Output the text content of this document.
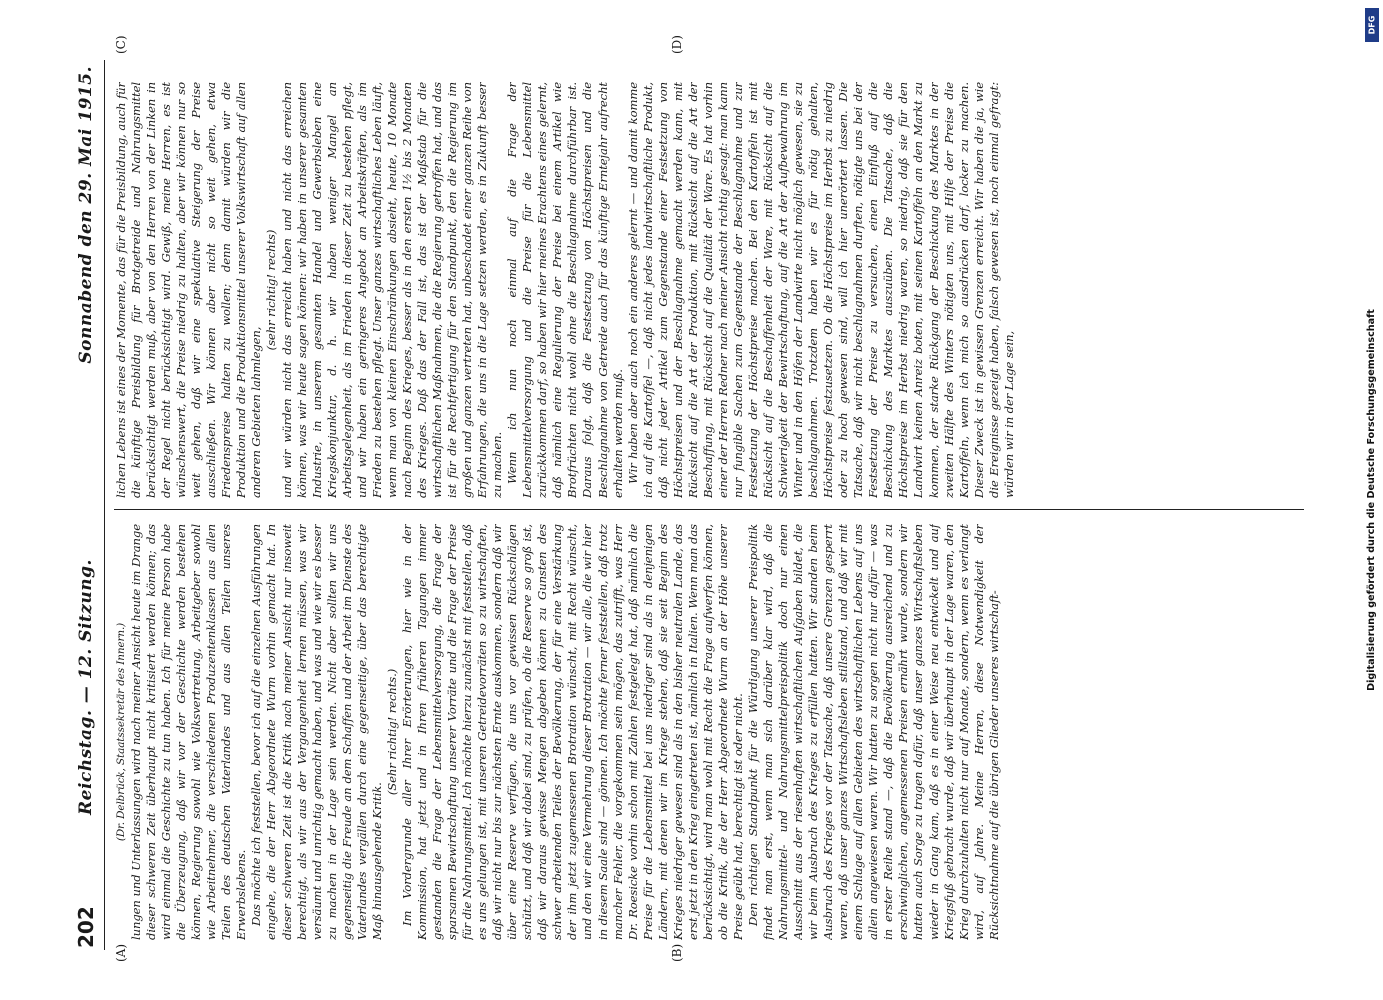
202
Reichstag. — 12. Sitzung.
Sonnabend den 29. Mai 1915.
(A)	(B)
(C)	(D)

(Dr. Delbrück, Staatssekretär des Innern.) lungen und Unterlassungen wird nach meiner Ansicht heute im Drange dieser schweren Zeit überhaupt nicht kritisiert werden können; das wird einmal die Geschichte zu tun haben. Ich für meine Person habe die Überzeugung, daß wir vor der Geschichte werden bestehen können, Regierung sowohl wie Volksvertretung, Arbeitgeber sowohl wie Arbeitnehmer, die verschiedenen Produzentenklassen aus allen Teilen des deutschen Vaterlandes und aus allen Teilen unseres Erwerbslebens. Das möchte ich feststellen, bevor ich auf die einzelnen Ausführungen eingehe, die der Herr Abgeordnete Wurm vorhin gemacht hat. In dieser schweren Zeit ist die Kritik nach meiner Ansicht nur insoweit berechtigt, als wir aus der Vergangenheit lernen müssen, was wir versäumt und unrichtig gemacht haben, und was und wie wir es besser zu machen in der Lage sein werden. Nicht aber sollten wir uns gegenseitig die Freude an dem Schaffen und der Arbeit im Dienste des Vaterlandes vergällen durch eine gegenseitige, über das berechtigte Maß hinausgehende Kritik.

(Sehr richtig! rechts.) Im Vordergrunde aller Ihrer Erörterungen, hier wie in der Kommission, hat jetzt und in Ihren früheren Tagungen immer gestanden die Frage der Lebensmittelversorgung, die Frage der sparsamen Bewirtschaftung unserer Vorräte und die Frage der Preise für die Nahrungsmittel. Ich möchte hierzu zunächst mit feststellen, daß es uns gelungen ist, mit unseren Getreidevorräten so zu wirtschaften, daß wir nicht nur bis zur nächsten Ernte auskommen, sondern daß wir über eine Reserve verfügen, die uns vor gewissen Rückschlägen schützt, und daß wir dabei sind, zu prüfen, ob die Reserve so groß ist, daß wir daraus gewisse Mengen abgeben können zu Gunsten des schwer arbeitenden Teiles der Bevölkerung, der für eine Verstärkung der ihm jetzt zugemessenen Brotration wünscht, mit Recht wünscht, und den wir eine Vermehrung dieser Brotration — wir alle, die wir hier in diesem Saale sind — gönnen. Ich möchte ferner feststellen, daß trotz mancher Fehler, die vorgekommen sein mögen, das zutrifft, was Herr Dr. Roesicke vorhin schon mit Zahlen festgelegt hat, daß nämlich die Preise für die Lebensmittel bei uns niedriger sind als in denjenigen Ländern, mit denen wir im Kriege stehen, daß sie seit Beginn des Krieges niedriger gewesen sind als in den bisher neutralen Lande, das erst jetzt in den Krieg eingetreten ist, nämlich in Italien. Wenn man das berücksichtigt, wird man wohl mit Recht die Frage aufwerfen können, ob die Kritik, die der Herr Abgeordnete Wurm an der Höhe unserer Preise geübt hat, berechtigt ist oder nicht. Den richtigen Standpunkt für die Würdigung unserer Preispolitik findet man erst, wenn man sich darüber klar wird, daß die Nahrungsmittel- und Nahrungsmittelpreispolitik doch nur einen Ausschnitt aus der riesenhaften wirtschaftlichen Aufgaben bildet, die wir beim Ausbruch des Krieges zu erfüllen hatten. Wir standen beim Ausbruch des Krieges vor der Tatsache, daß unsere Grenzen gesperrt waren, daß unser ganzes Wirtschaftsleben stillstand, und daß wir mit einem Schlage auf allen Gebieten des wirtschaftlichen Lebens auf uns allein angewiesen waren. Wir hatten zu sorgen nicht nur dafür — was in erster Reihe stand —, daß die Bevölkerung ausreichend und zu erschwinglichen, angemessenen Preisen ernährt wurde, sondern wir hatten auch Sorge zu tragen dafür, daß unser ganzes Wirtschaftsleben wieder in Gang kam, daß es in einer Weise neu entwickelt und auf Kriegsfuß gebracht wurde, daß wir überhaupt in der Lage waren, den Krieg durchzuhalten nicht nur auf Monate, sondern, wenn es verlangt wird, auf Jahre. Meine Herren, diese Notwendigkeit der Rücksichtnahme auf die übrigen Glieder unseres wirtschaft-

lichen Lebens ist eines der Momente, das für die Preisbildung, auch für die künftige Preisbildung für Brotgetreide und Nahrungsmittel berücksichtigt werden muß, aber von den Herren von der Linken in der Regel nicht berücksichtigt wird. Gewiß, meine Herren, es ist wünschenswert, die Preise niedrig zu halten, aber wir können nur so weit gehen, daß wir eine spekulative Steigerung der Preise ausschließen. Wir können aber nicht so weit gehen, etwa Friedenspreise halten zu wollen; denn damit würden wir die Produktion und die Produktionsmittel unserer Volkswirtschaft auf allen anderen Gebieten lahmlegen,

(sehr richtig! rechts) und wir würden nicht das erreicht haben und nicht das erreichen können, was wir heute sagen können: wir haben in unserer gesamten Industrie, in unserem gesamten Handel und Gewerbsleben eine Kriegskonjunktur, d. h. wir haben weniger Mangel an Arbeitsgelegenheit, als im Frieden in dieser Zeit zu bestehen pflegt, und wir haben ein geringeres Angebot an Arbeitskräften, als im Frieden zu bestehen pflegt. Unser ganzes wirtschaftliches Leben läuft, wenn man von kleinen Einschränkungen absieht, heute, 10 Monate nach Beginn des Krieges, besser als in den ersten 1½ bis 2 Monaten des Krieges. Daß das der Fall ist, das ist der Maßstab für die wirtschaftlichen Maßnahmen, die die Regierung getroffen hat, und das ist für die Rechtfertigung für den Standpunkt, den die Regierung im großen und ganzen vertreten hat, unbeschadet einer ganzen Reihe von Erfahrungen, die uns in die Lage setzen werden, es in Zukunft besser zu machen. Wenn ich nun noch einmal auf die Frage der Lebensmittelversorgung und die Preise für die Lebensmittel zurückkommen darf, so haben wir hier meines Erachtens eines gelernt, daß nämlich eine Regulierung der Preise bei einem Artikel wie Brotfrüchten nicht wohl ohne die Beschlagnahme durchführbar ist. Daraus folgt, daß die Festsetzung von Höchstpreisen und die Beschlagnahme von Getreide auch für das künftige Erntejahr aufrecht erhalten werden muß. Wir haben aber auch noch ein anderes gelernt — und damit komme ich auf die Kartoffel —, daß nicht jedes landwirtschaftliche Produkt, daß nicht jeder Artikel zum Gegenstande einer Festsetzung von Höchstpreisen und der Beschlagnahme gemacht werden kann, mit Rücksicht auf die Art der Produktion, mit Rücksicht auf die Art der Beschaffung, mit Rücksicht auf die Qualität der Ware. Es hat vorhin einer der Herren Redner nach meiner Ansicht richtig gesagt: man kann nur fungible Sachen zum Gegenstande der Beschlagnahme und zur Festsetzung der Höchstpreise machen. Bei den Kartoffeln ist mit Rücksicht auf die Beschaffenheit der Ware, mit Rücksicht auf die Schwierigkeit der Bewirtschaftung, auf die Art der Aufbewahrung im Winter und in den Höfen der Landwirte nicht möglich gewesen, sie zu beschlagnahmen. Trotzdem haben wir es für nötig gehalten, Höchstpreise festzusetzen. Ob die Höchstpreise im Herbst zu niedrig oder zu hoch gewesen sind, will ich hier unerörtert lassen. Die Tatsache, daß wir nicht beschlagnahmen durften, nötigte uns bei der Festsetzung der Preise zu versuchen, einen Einfluß auf die Beschickung des Marktes auszuüben. Die Tatsache, daß die Höchstpreise im Herbst niedrig waren, so niedrig, daß sie für den Landwirt keinen Anreiz boten, mit seinen Kartoffeln an den Markt zu kommen, der starke Rückgang der Beschickung des Marktes in der zweiten Hälfte des Winters nötigten uns, mit Hilfe der Preise die Kartoffeln, wenn ich mich so ausdrücken darf, locker zu machen. Dieser Zweck ist in gewissen Grenzen erreicht. Wir haben die ja, wie die Ereignisse gezeigt haben, falsch gewesen ist, noch einmal gefragt: würden wir in der Lage sein,

DFG
Digitalisierung gefördert durch die Deutsche Forschungsgemeinschaft
